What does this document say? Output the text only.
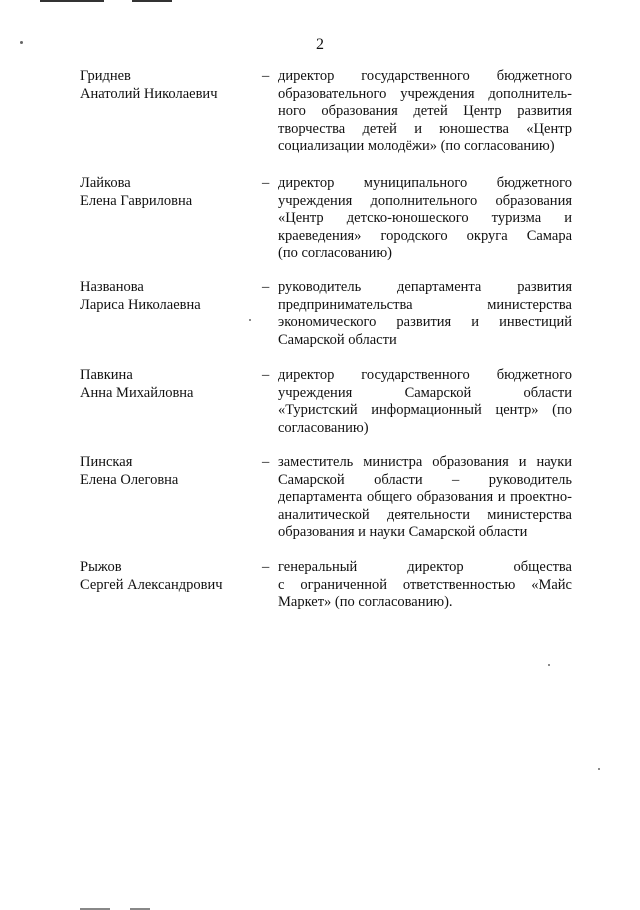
2
Гриднев
Анатолий Николаевич
– директор государственного бюджетного
образовательного учреждения дополнитель-
ного образования детей Центр развития
творчества детей и юношества «Центр
социализации молодёжи» (по согласованию)
Лайкова
Елена Гавриловна
– директор муниципального бюджетного
учреждения дополнительного образования
«Центр детско-юношеского туризма и
краеведения» городского округа Самара
(по согласованию)
Названова
Лариса Николаевна
– руководитель департамента развития
предпринимательства министерства
экономического развития и инвестиций
Самарской области
Павкина
Анна Михайловна
– директор государственного бюджетного
учреждения Самарской области
«Туристский информационный центр» (по
согласованию)
Пинская
Елена Олеговна
– заместитель министра образования и науки
Самарской области – руководитель
департамента общего образования и проектно-
аналитической деятельности министерства
образования и науки Самарской области
Рыжов
Сергей Александрович
– генеральный директор общества
с ограниченной ответственностью «Майс
Маркет» (по согласованию).
